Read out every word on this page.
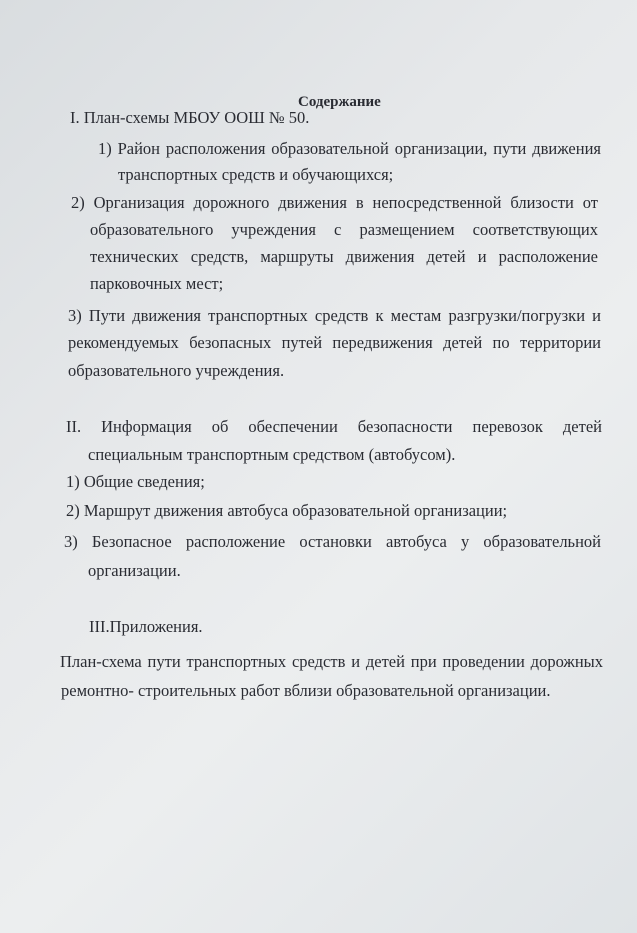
Содержание
I. План-схемы МБОУ ООШ № 50.
1) Район расположения образовательной организации, пути движения
транспортных средств и обучающихся;
2) Организация дорожного движения в непосредственной близости от
образовательного учреждения с размещением соответствующих
технических средств, маршруты движения детей и расположение
парковочных мест;
3) Пути движения транспортных средств к местам разгрузки/погрузки и
рекомендуемых безопасных путей передвижения детей по территории
образовательного учреждения.
II. Информация об обеспечении безопасности перевозок детей
специальным транспортным средством (автобусом).
1) Общие сведения;
2) Маршрут движения автобуса образовательной организации;
3) Безопасное расположение остановки автобуса у образовательной
организации.
III.Приложения.
План-схема пути транспортных средств и детей при проведении дорожных
ремонтно- строительных работ вблизи образовательной организации.
